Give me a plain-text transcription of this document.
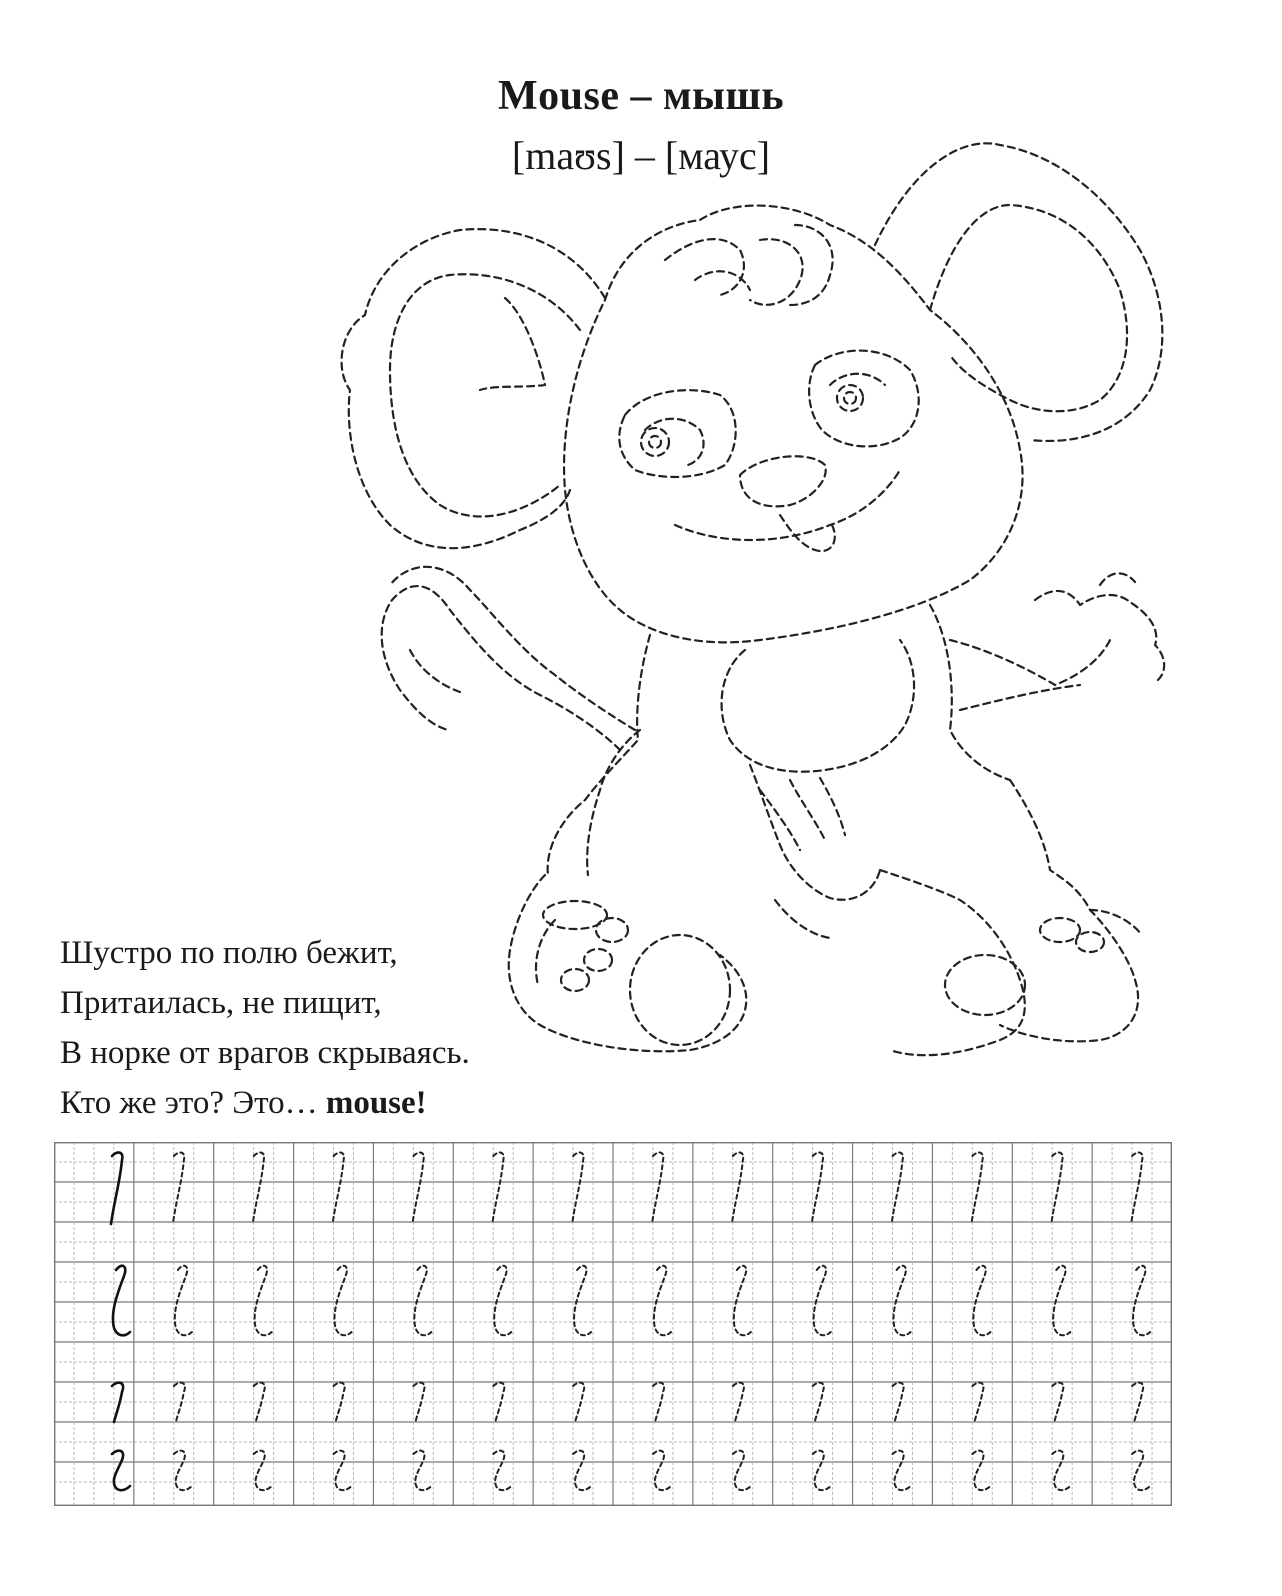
Mouse – мышь
[maʊs] – [маус]
Шустро по полю бежит,
Притаилась, не пищит,
В норке от врагов скрываясь.
Кто же это? Это… mouse!
